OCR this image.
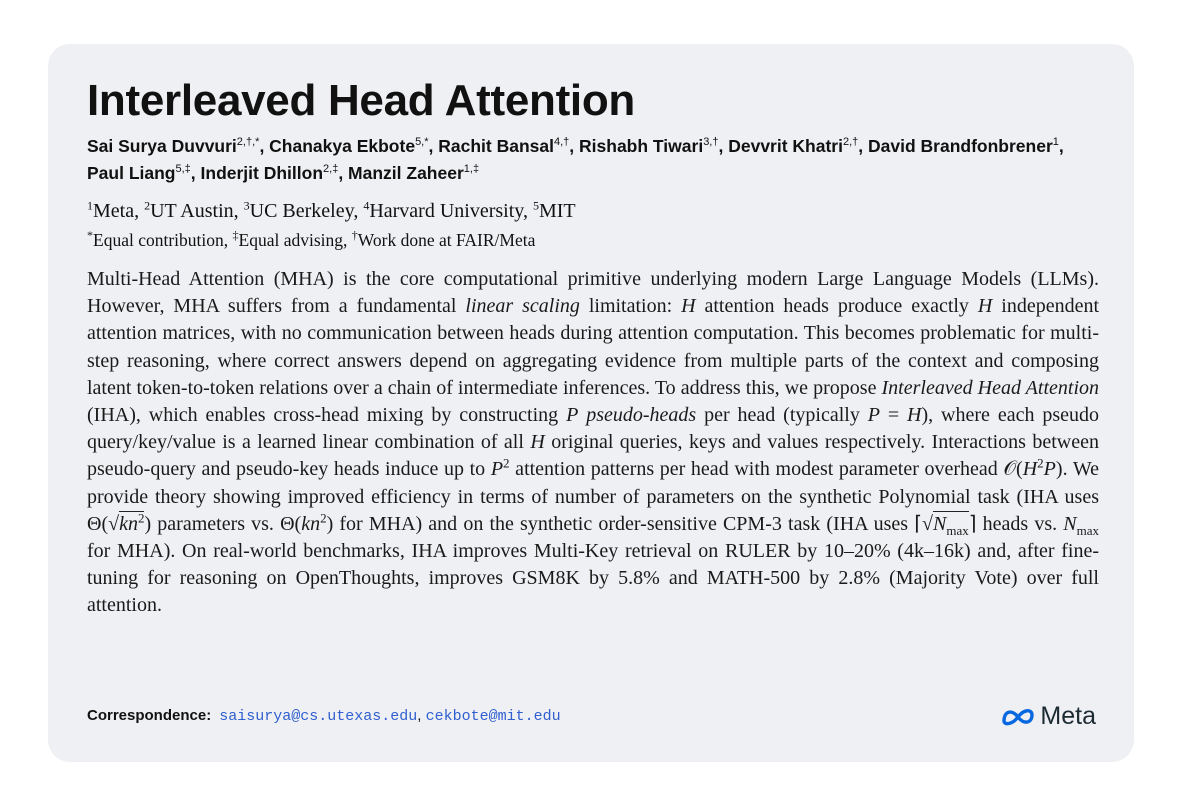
Interleaved Head Attention
Sai Surya Duvvuri$^{2,\dagger,*}$, Chanakya Ekbote$^{5,*}$, Rachit Bansal$^{4,\dagger}$, Rishabh Tiwari$^{3,\dagger}$, Devvrit Khatri$^{2,\dagger}$, David Brandfonbrener$^1$, Paul Liang$^{5,\ddagger}$, Inderjit Dhillon$^{2,\ddagger}$, Manzil Zaheer$^{1,\ddagger}$
$^1$Meta, $^2$UT Austin, $^3$UC Berkeley, $^4$Harvard University, $^5$MIT
*Equal contribution, ‡Equal advising, †Work done at FAIR/Meta

Multi-Head Attention (MHA) is the core computational primitive underlying modern Large Language Models (LLMs). However, MHA suffers from a fundamental linear scaling limitation: H attention heads produce exactly H independent attention matrices, with no communication between heads during attention computation. This becomes problematic for multi-step reasoning, where correct answers depend on aggregating evidence from multiple parts of the context and composing latent token-to-token relations over a chain of intermediate inferences. To address this, we propose Interleaved Head Attention (IHA), which enables cross-head mixing by constructing P pseudo-heads per head (typically P = H), where each pseudo query/key/value is a learned linear combination of all H original queries, keys and values respectively. Interactions between pseudo-query and pseudo-key heads induce up to $P^2$ attention patterns per head with modest parameter overhead $𝒪(H^2P)$. We provide theory showing improved efficiency in terms of number of parameters on the synthetic Polynomial task (IHA uses $\Theta(√kn^2)$ parameters vs. $\Theta(kn^2)$ for MHA) and on the synthetic order-sensitive CPM-3 task (IHA uses $⌈√N_{max}⌉$ heads vs. $N_{max}$ for MHA). On real-world benchmarks, IHA improves Multi-Key retrieval on RULER by 10–20% (4k–16k) and, after fine-tuning for reasoning on OpenThoughts, improves GSM8K by 5.8% and MATH-500 by 2.8% (Majority Vote) over full attention.

Correspondence: saisurya@cs.utexas.edu, cekbote@mit.edu	Meta
